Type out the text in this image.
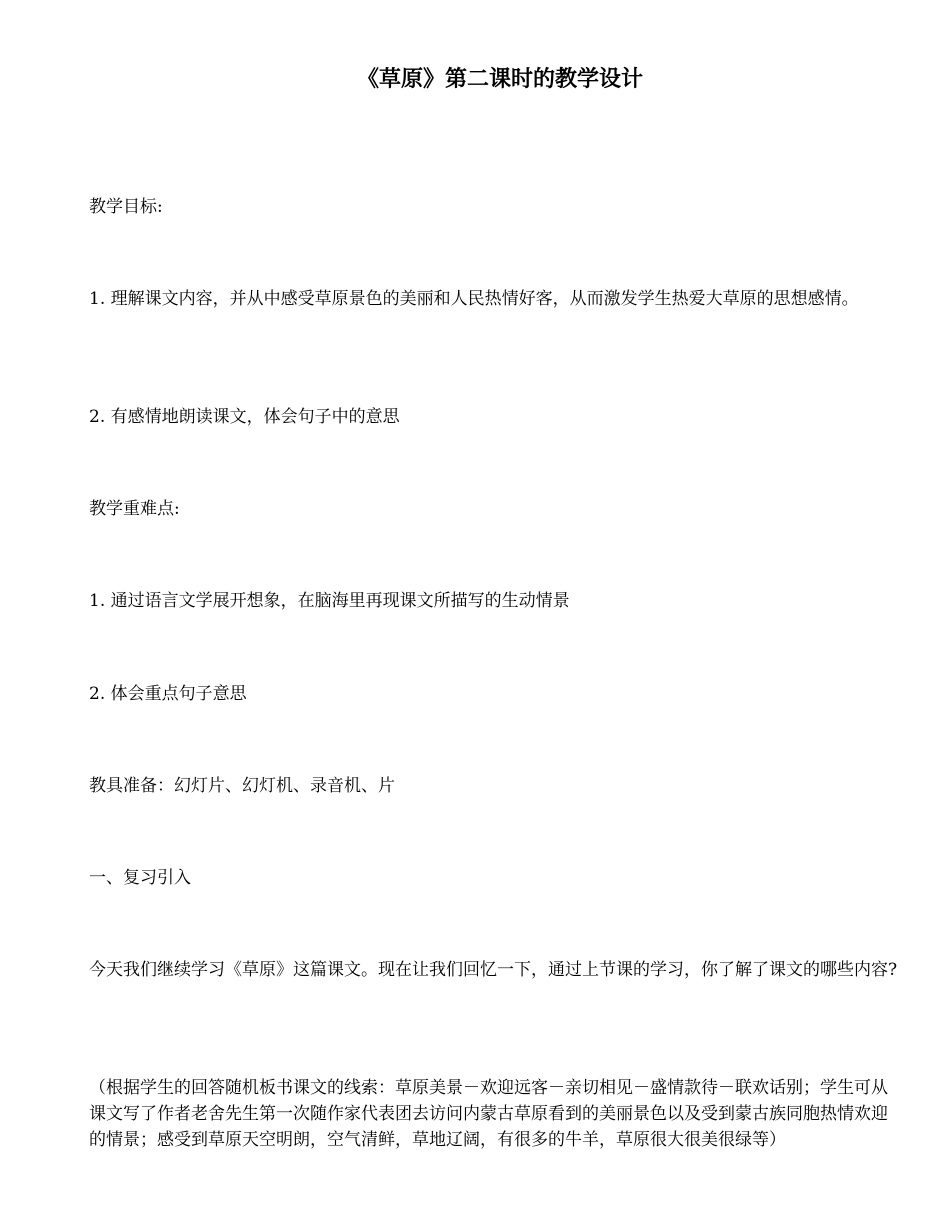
《草原》第二课时的教学设计

教学目标:

1. 理解课文内容，并从中感受草原景色的美丽和人民热情好客，从而激发学生热爱大草原的思想感情。

2. 有感情地朗读课文，体会句子中的意思

教学重难点:

1. 通过语言文学展开想象，在脑海里再现课文所描写的生动情景

2. 体会重点句子意思

教具准备：幻灯片、幻灯机、录音机、片

一、复习引入

今天我们继续学习《草原》这篇课文。现在让我们回忆一下，通过上节课的学习，你了解了课文的哪些内容?

（根据学生的回答随机板书课文的线索：草原美景－欢迎远客－亲切相见－盛情款待－联欢话别；学生可从课文写了作者老舍先生第一次随作家代表团去访问内蒙古草原看到的美丽景色以及受到蒙古族同胞热情欢迎的情景；感受到草原天空明朗，空气清鲜，草地辽阔，有很多的牛羊，草原很大很美很绿等）
